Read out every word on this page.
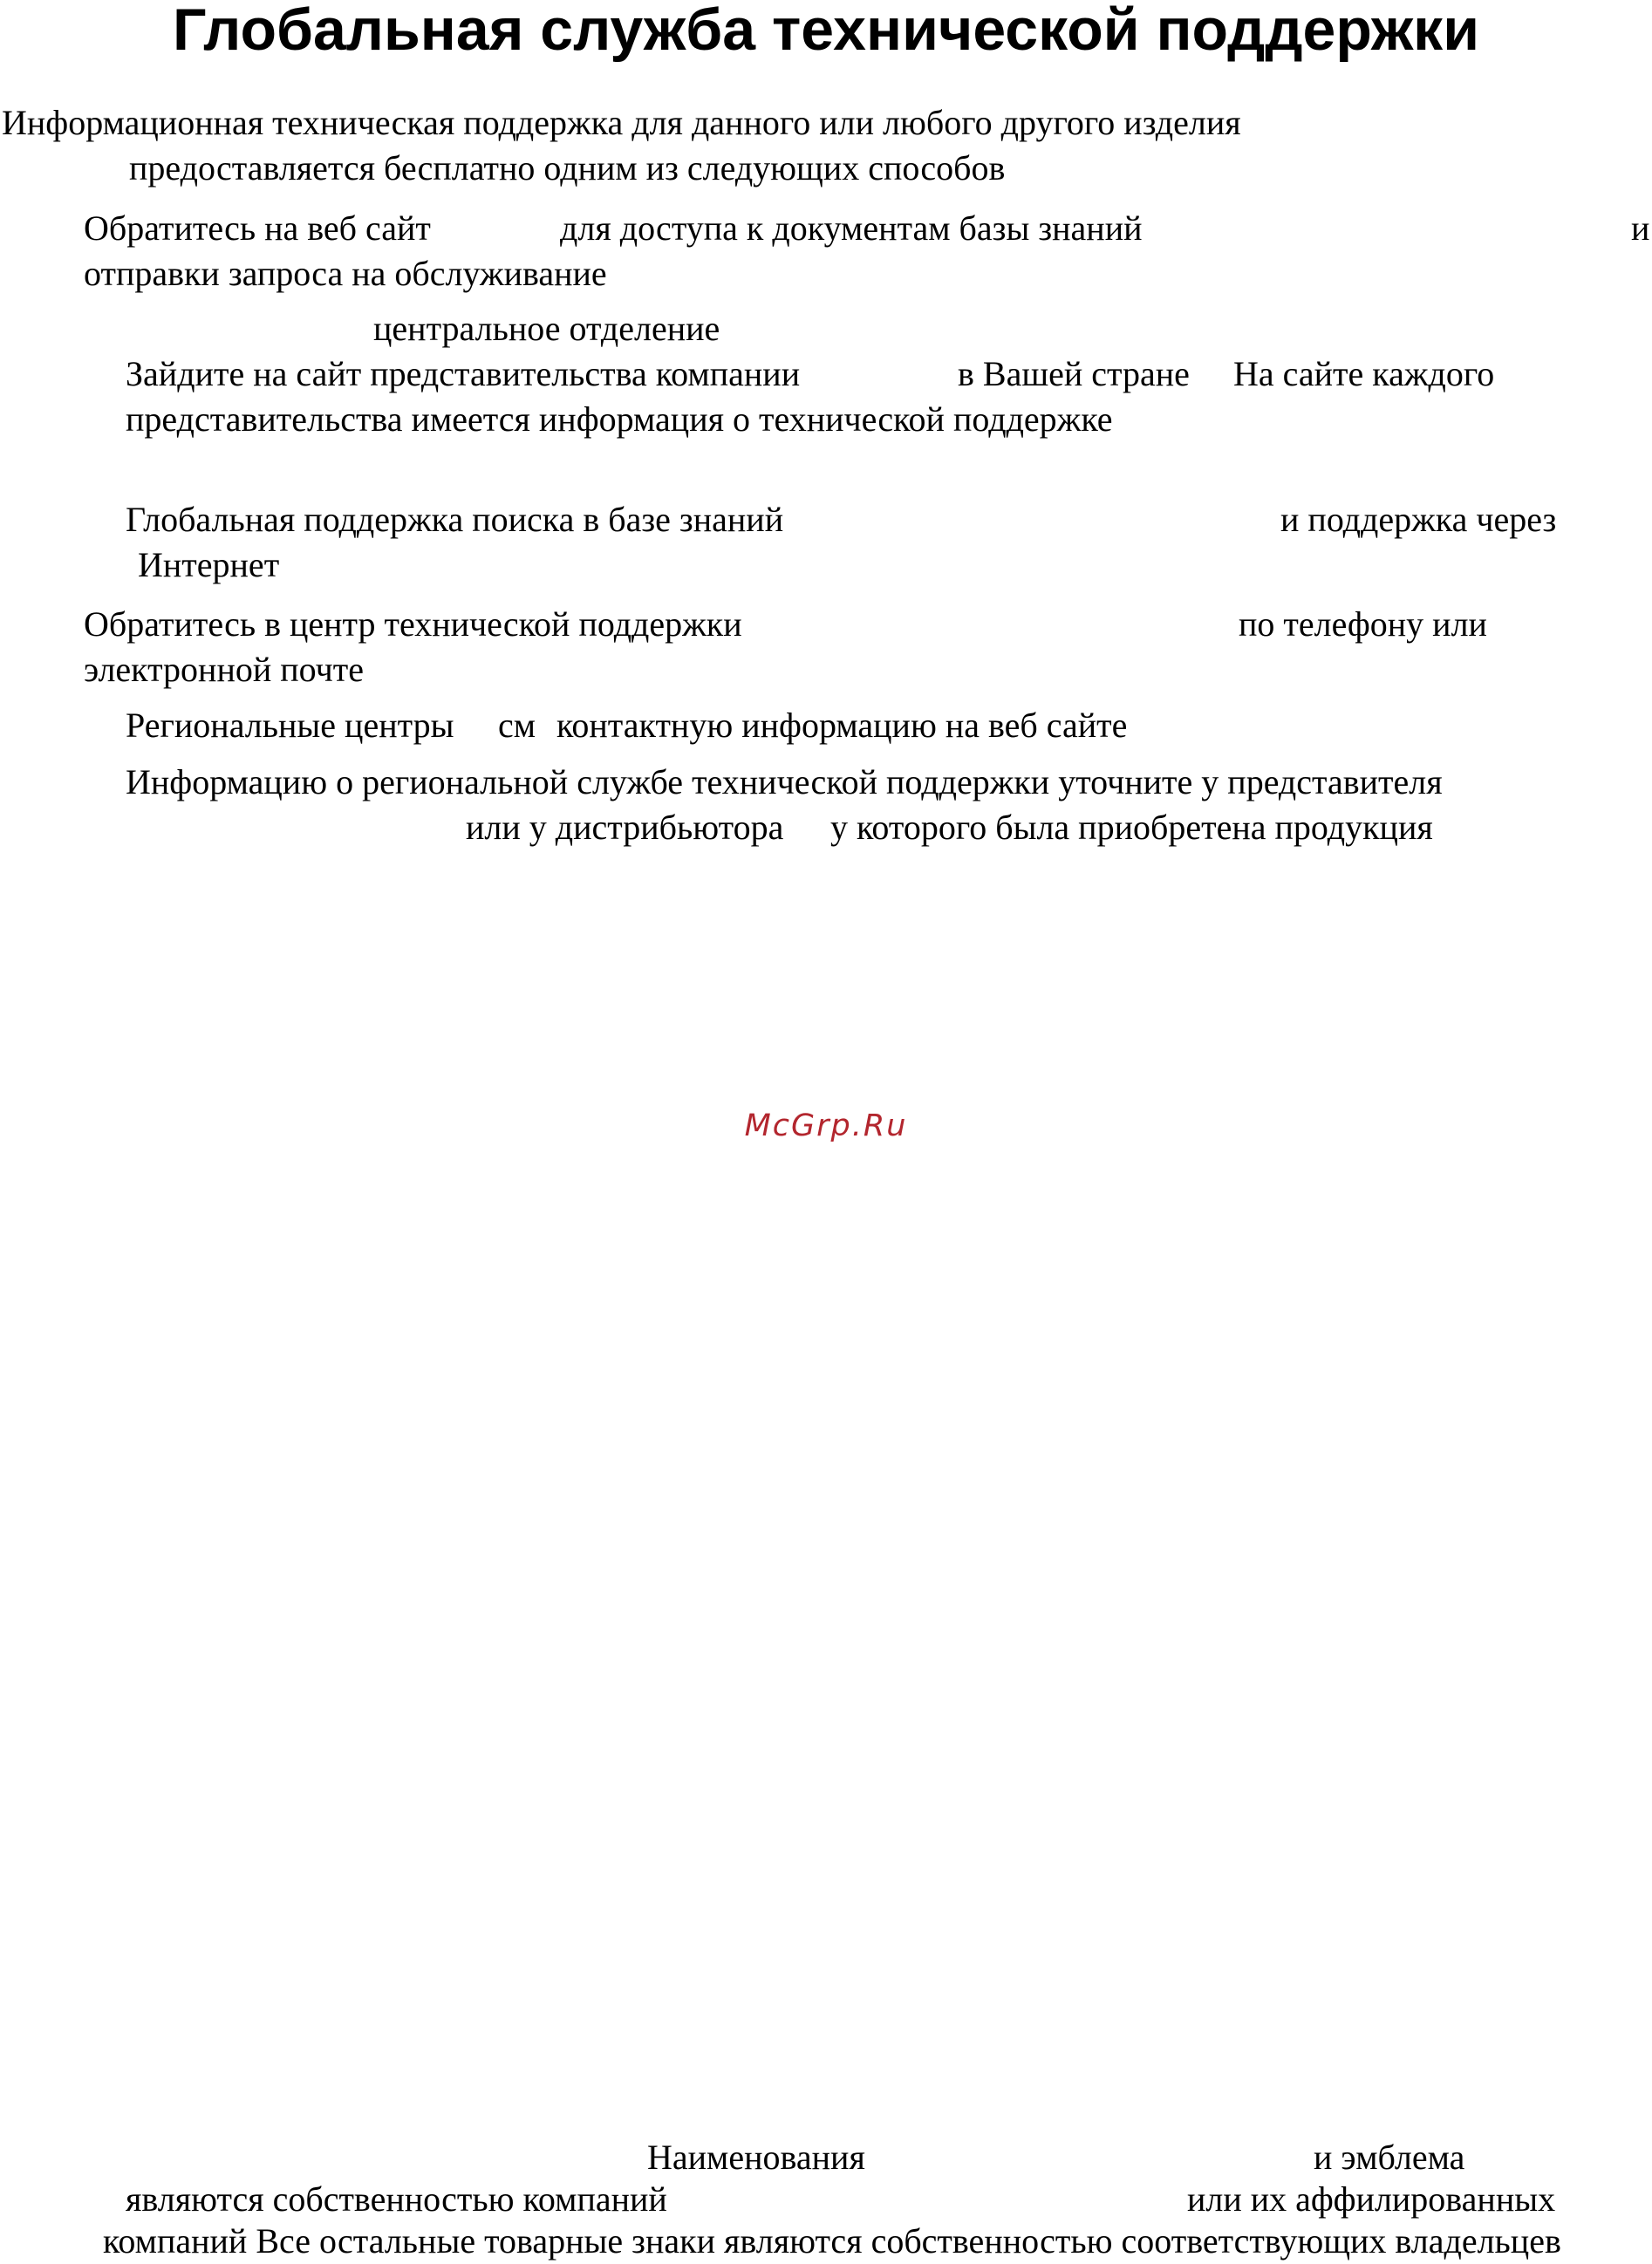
Глобальная служба технической поддержки
Информационная техническая поддержка для данного или любого другого изделия
предоставляется бесплатно одним из следующих способов
Обратитесь на веб сайт	для доступа к документам базы знаний	и
отправки запроса на обслуживание
центральное отделение
Зайдите на сайт представительства компании	в Вашей стране На сайте каждого
представительства имеется информация о технической поддержке
Глобальная поддержка поиска в базе знаний	и поддержка через
Интернет
Обратитесь в центр технической поддержки	по телефону или
электронной почте
Региональные центры см контактную информацию на веб сайте
Информацию о региональной службе технической поддержки уточните у представителя
или у дистрибьютора у которого была приобретена продукция
McGrp.Ru
Наименования	и эмблема
являются собственностью компаний	или их аффилированных
компаний Все остальные товарные знаки являются собственностью соответствующих владельцев
